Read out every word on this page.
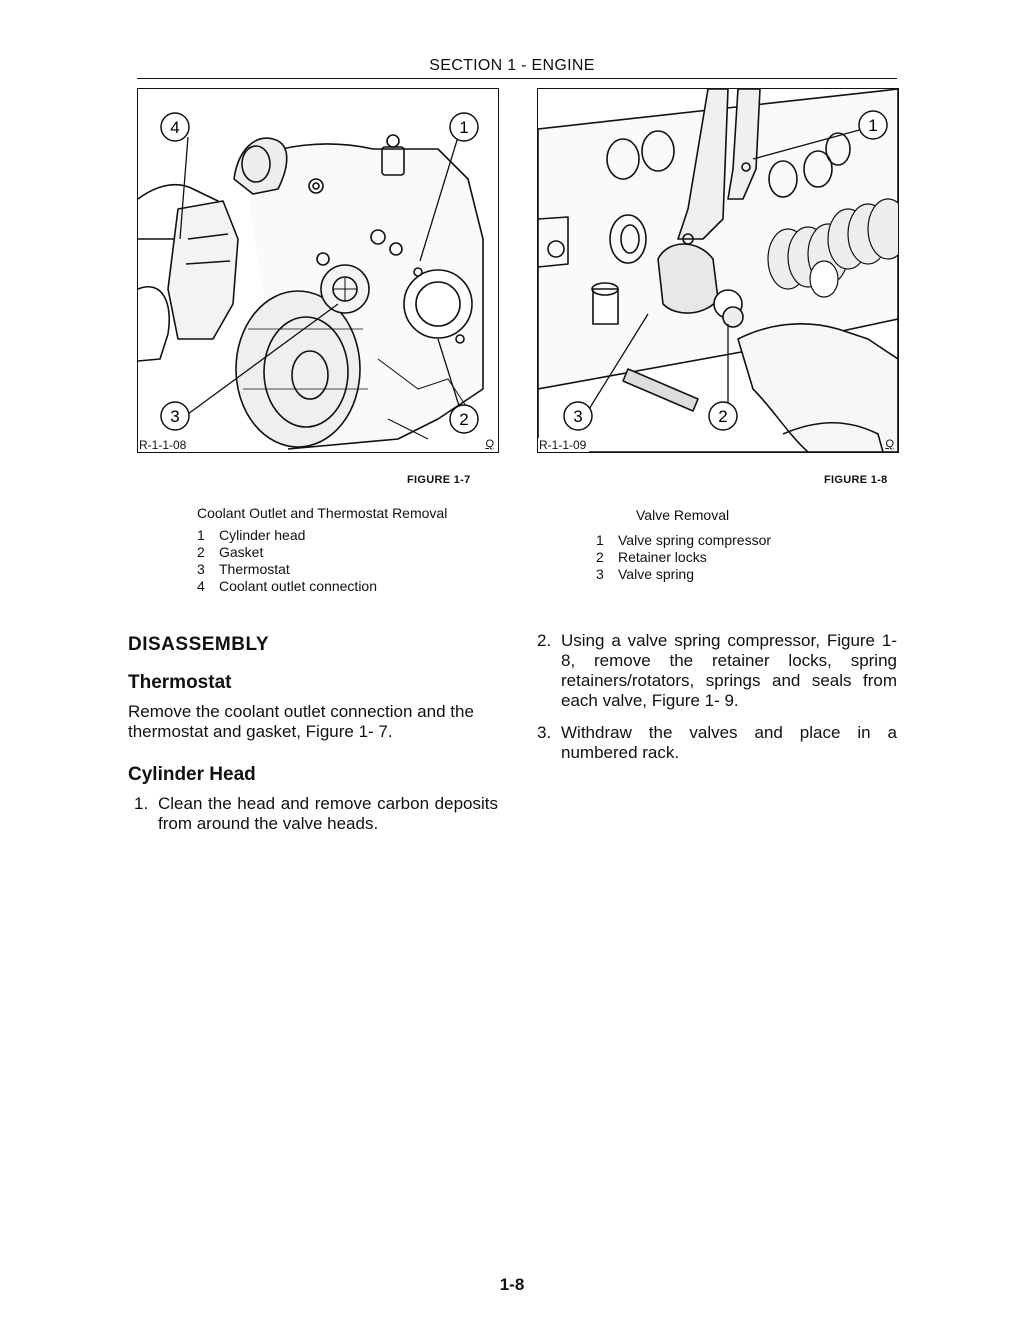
SECTION 1 - ENGINE
4	1
3	2
R-1-1-08	Q
FIGURE 1-7
1
3	2
R-1-1-09	Q
FIGURE 1-8
Coolant Outlet and Thermostat Removal
1	Cylinder head
2	Gasket
3	Thermostat
4	Coolant outlet connection
Valve Removal
1	Valve spring compressor
2	Retainer locks
3	Valve spring
DISASSEMBLY
Thermostat
Remove the coolant outlet connection and the thermostat and gasket, Figure 1- 7.
Cylinder Head
1. Clean the head and remove carbon deposits from around the valve heads.
2. Using a valve spring compressor, Figure 1-8, remove the retainer locks, spring retainers/rotators, springs and seals from each valve, Figure 1- 9.
3. Withdraw the valves and place in a numbered rack.
1-8
